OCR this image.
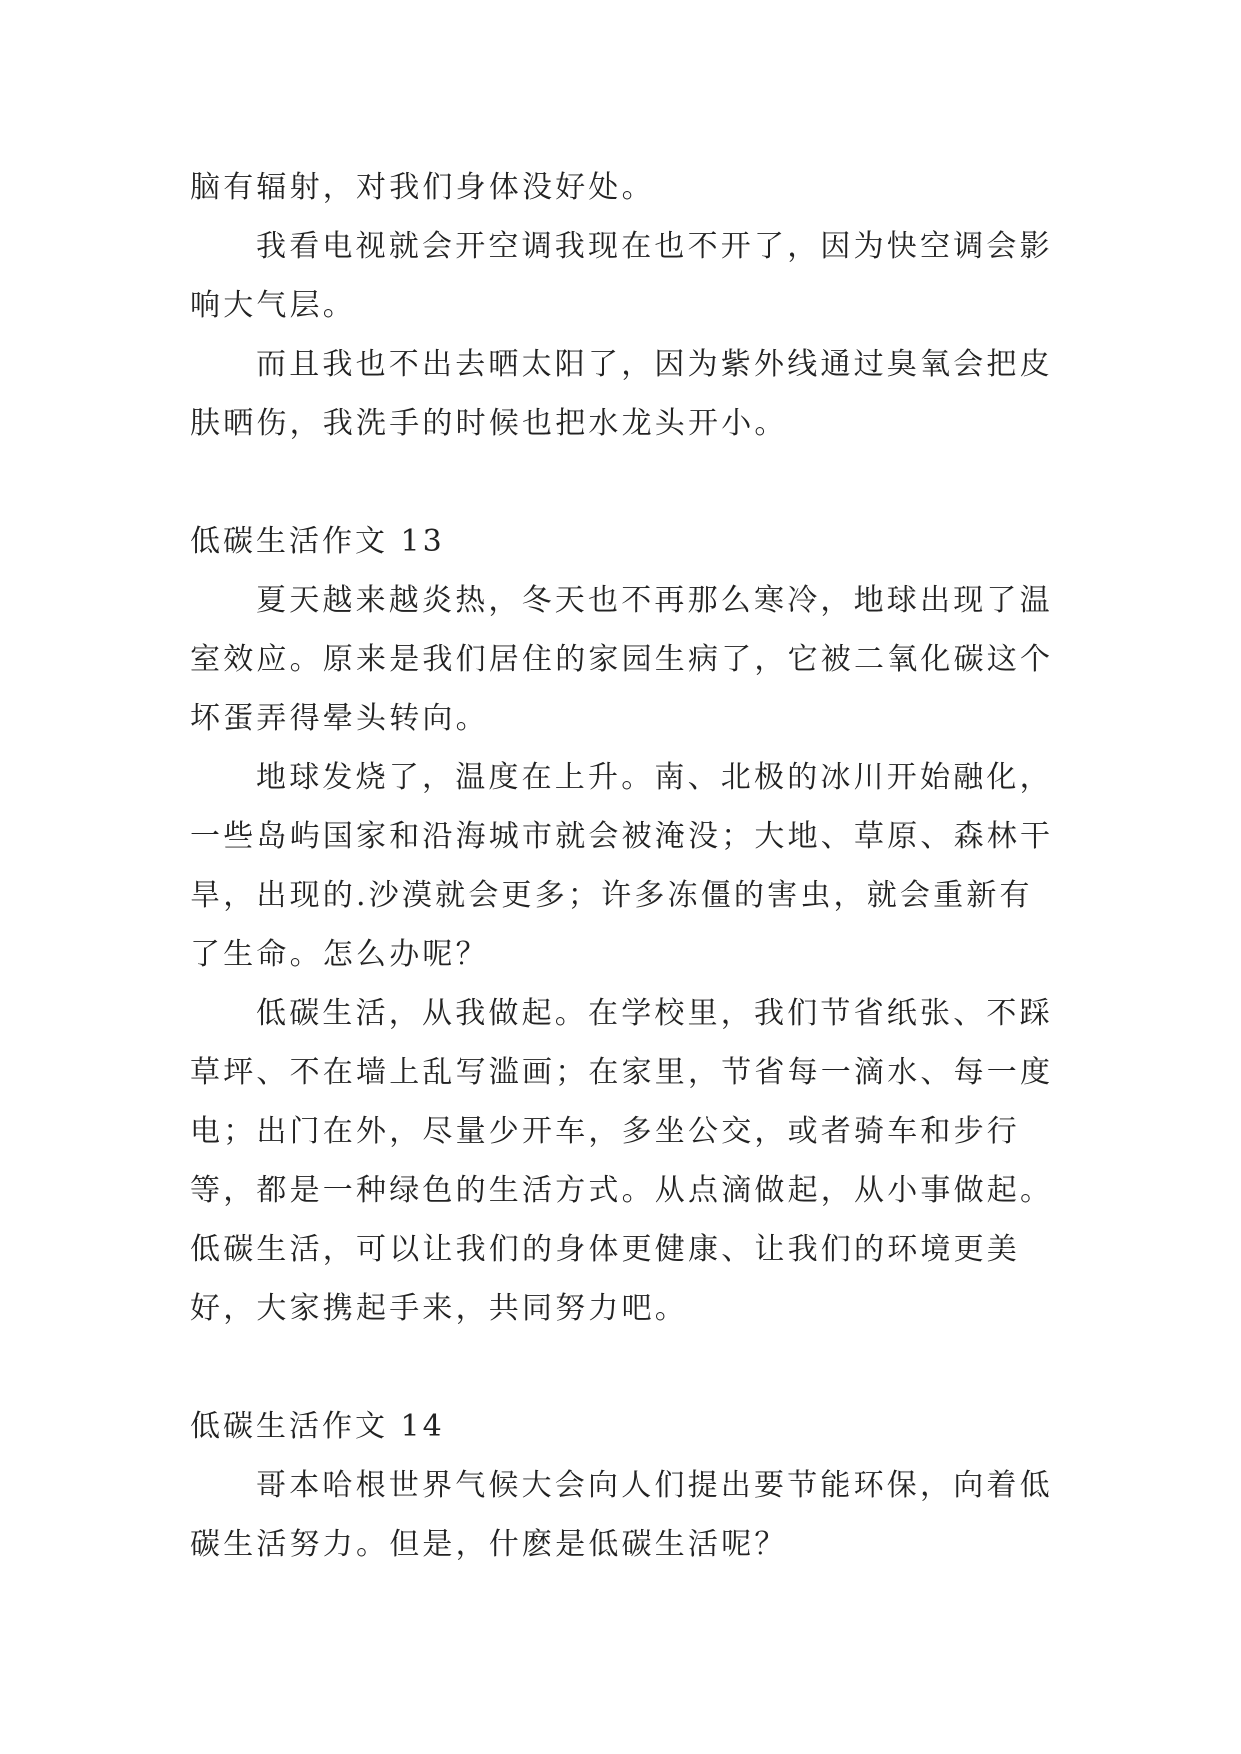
脑有辐射，对我们身体没好处。

我看电视就会开空调我现在也不开了，因为快空调会影响大气层。

而且我也不出去晒太阳了，因为紫外线通过臭氧会把皮肤晒伤，我洗手的时候也把水龙头开小。

低碳生活作文 13

夏天越来越炎热，冬天也不再那么寒冷，地球出现了温室效应。原来是我们居住的家园生病了，它被二氧化碳这个坏蛋弄得晕头转向。

地球发烧了，温度在上升。南、北极的冰川开始融化，一些岛屿国家和沿海城市就会被淹没；大地、草原、森林干旱，出现的.沙漠就会更多；许多冻僵的害虫，就会重新有了生命。怎么办呢？

低碳生活，从我做起。在学校里，我们节省纸张、不踩草坪、不在墙上乱写滥画；在家里，节省每一滴水、每一度电；出门在外，尽量少开车，多坐公交，或者骑车和步行等，都是一种绿色的生活方式。从点滴做起，从小事做起。低碳生活，可以让我们的身体更健康、让我们的环境更美好，大家携起手来，共同努力吧。

低碳生活作文 14

哥本哈根世界气候大会向人们提出要节能环保，向着低碳生活努力。但是，什麽是低碳生活呢？
